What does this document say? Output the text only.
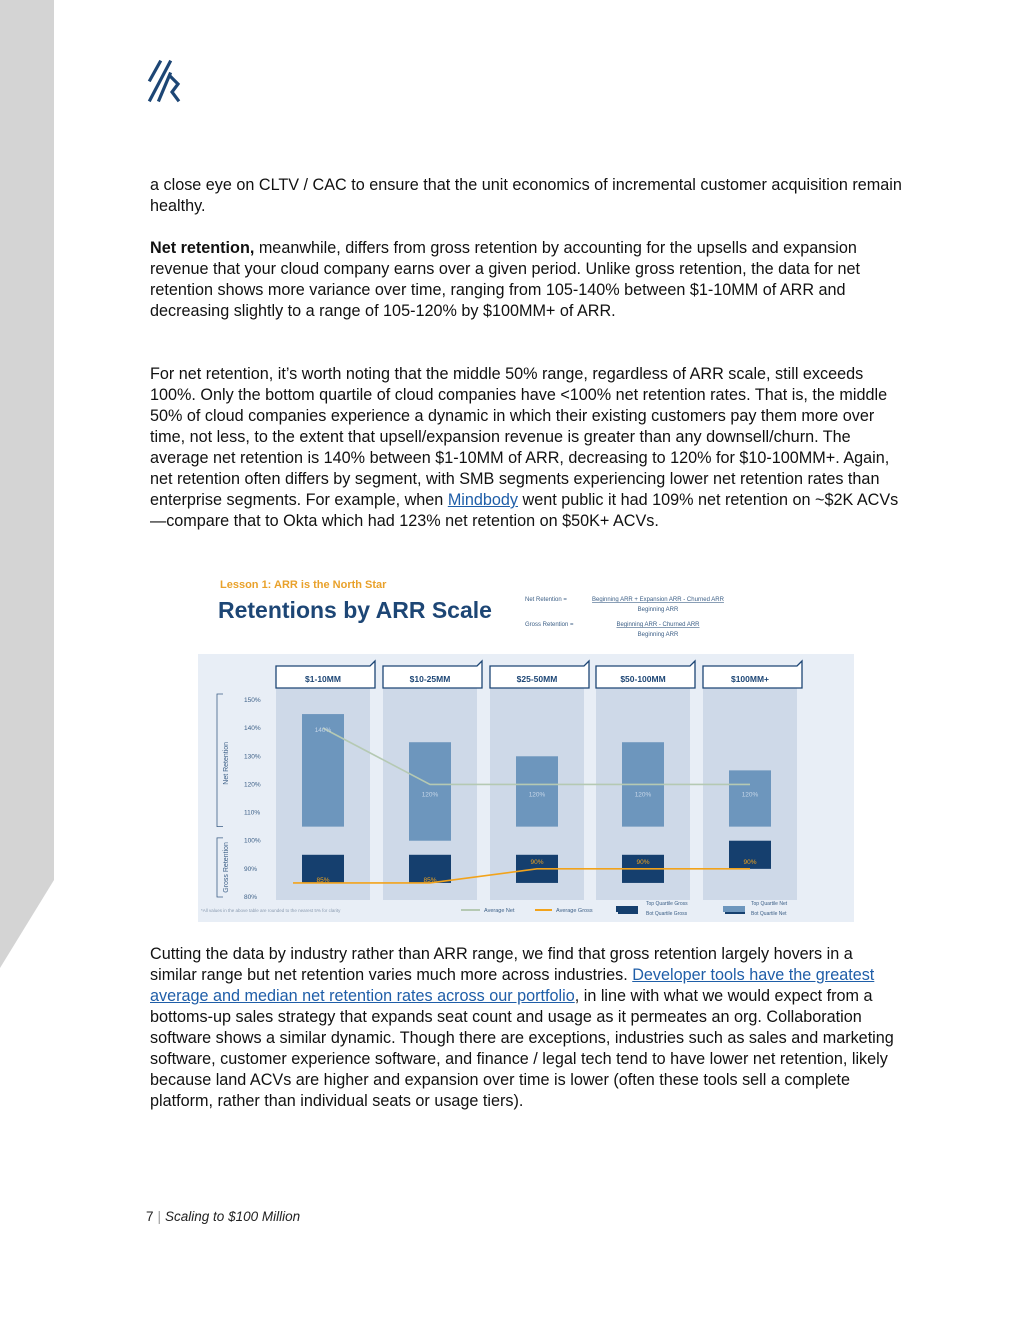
a close eye on CLTV / CAC to ensure that the unit economics of incremental customer acquisition remain healthy.

Net retention, meanwhile, differs from gross retention by accounting for the upsells and expansion revenue that your cloud company earns over a given period. Unlike gross retention, the data for net retention shows more variance over time, ranging from 105-140% between $1-10MM of ARR and decreasing slightly to a range of 105-120% by $100MM+ of ARR.

For net retention, it’s worth noting that the middle 50% range, regardless of ARR scale, still exceeds 100%. Only the bottom quartile of cloud companies have <100% net retention rates. That is, the middle 50% of cloud companies experience a dynamic in which their existing customers pay them more over time, not less, to the extent that upsell/expansion revenue is greater than any downsell/churn. The average net retention is 140% between $1-10MM of ARR, decreasing to 120% for $10-100MM+. Again, net retention often differs by segment, with SMB segments experiencing lower net retention rates than enterprise segments. For example, when Mindbody went public it had 109% net retention on ~$2K ACVs—compare that to Okta which had 123% net retention on $50K+ ACVs.

Lesson 1: ARR is the North Star
Retentions by ARR Scale	Net Retention =	Beginning ARR + Expansion ARR - Churned ARR
Beginning ARR
Gross Retention =	Beginning ARR - Churned ARR
Beginning ARR
$1-10MM	$10-25MM	$25-50MM	$50-100MM	$100MM+
150%
140%
130%
120%
110%
100%
90%
80%
Net Retention
Gross Retention
140%
85%
120%
85%
120%
90%
120%
90%
120%
90%
*All values in the above table are rounded to the nearest 5% for clarity	Average Net	Average Gross
Top Quartile Gross
Bot Quartile Gross
Top Quartile Net
Bot Quartile Net

Cutting the data by industry rather than ARR range, we find that gross retention largely hovers in a similar range but net retention varies much more across industries. Developer tools have the greatest average and median net retention rates across our portfolio, in line with what we would expect from a bottoms-up sales strategy that expands seat count and usage as it permeates an org. Collaboration software shows a similar dynamic. Though there are exceptions, industries such as sales and marketing software, customer experience software, and finance / legal tech tend to have lower net retention, likely because land ACVs are higher and expansion over time is lower (often these tools sell a complete platform, rather than individual seats or usage tiers).

7 | Scaling to $100 Million
